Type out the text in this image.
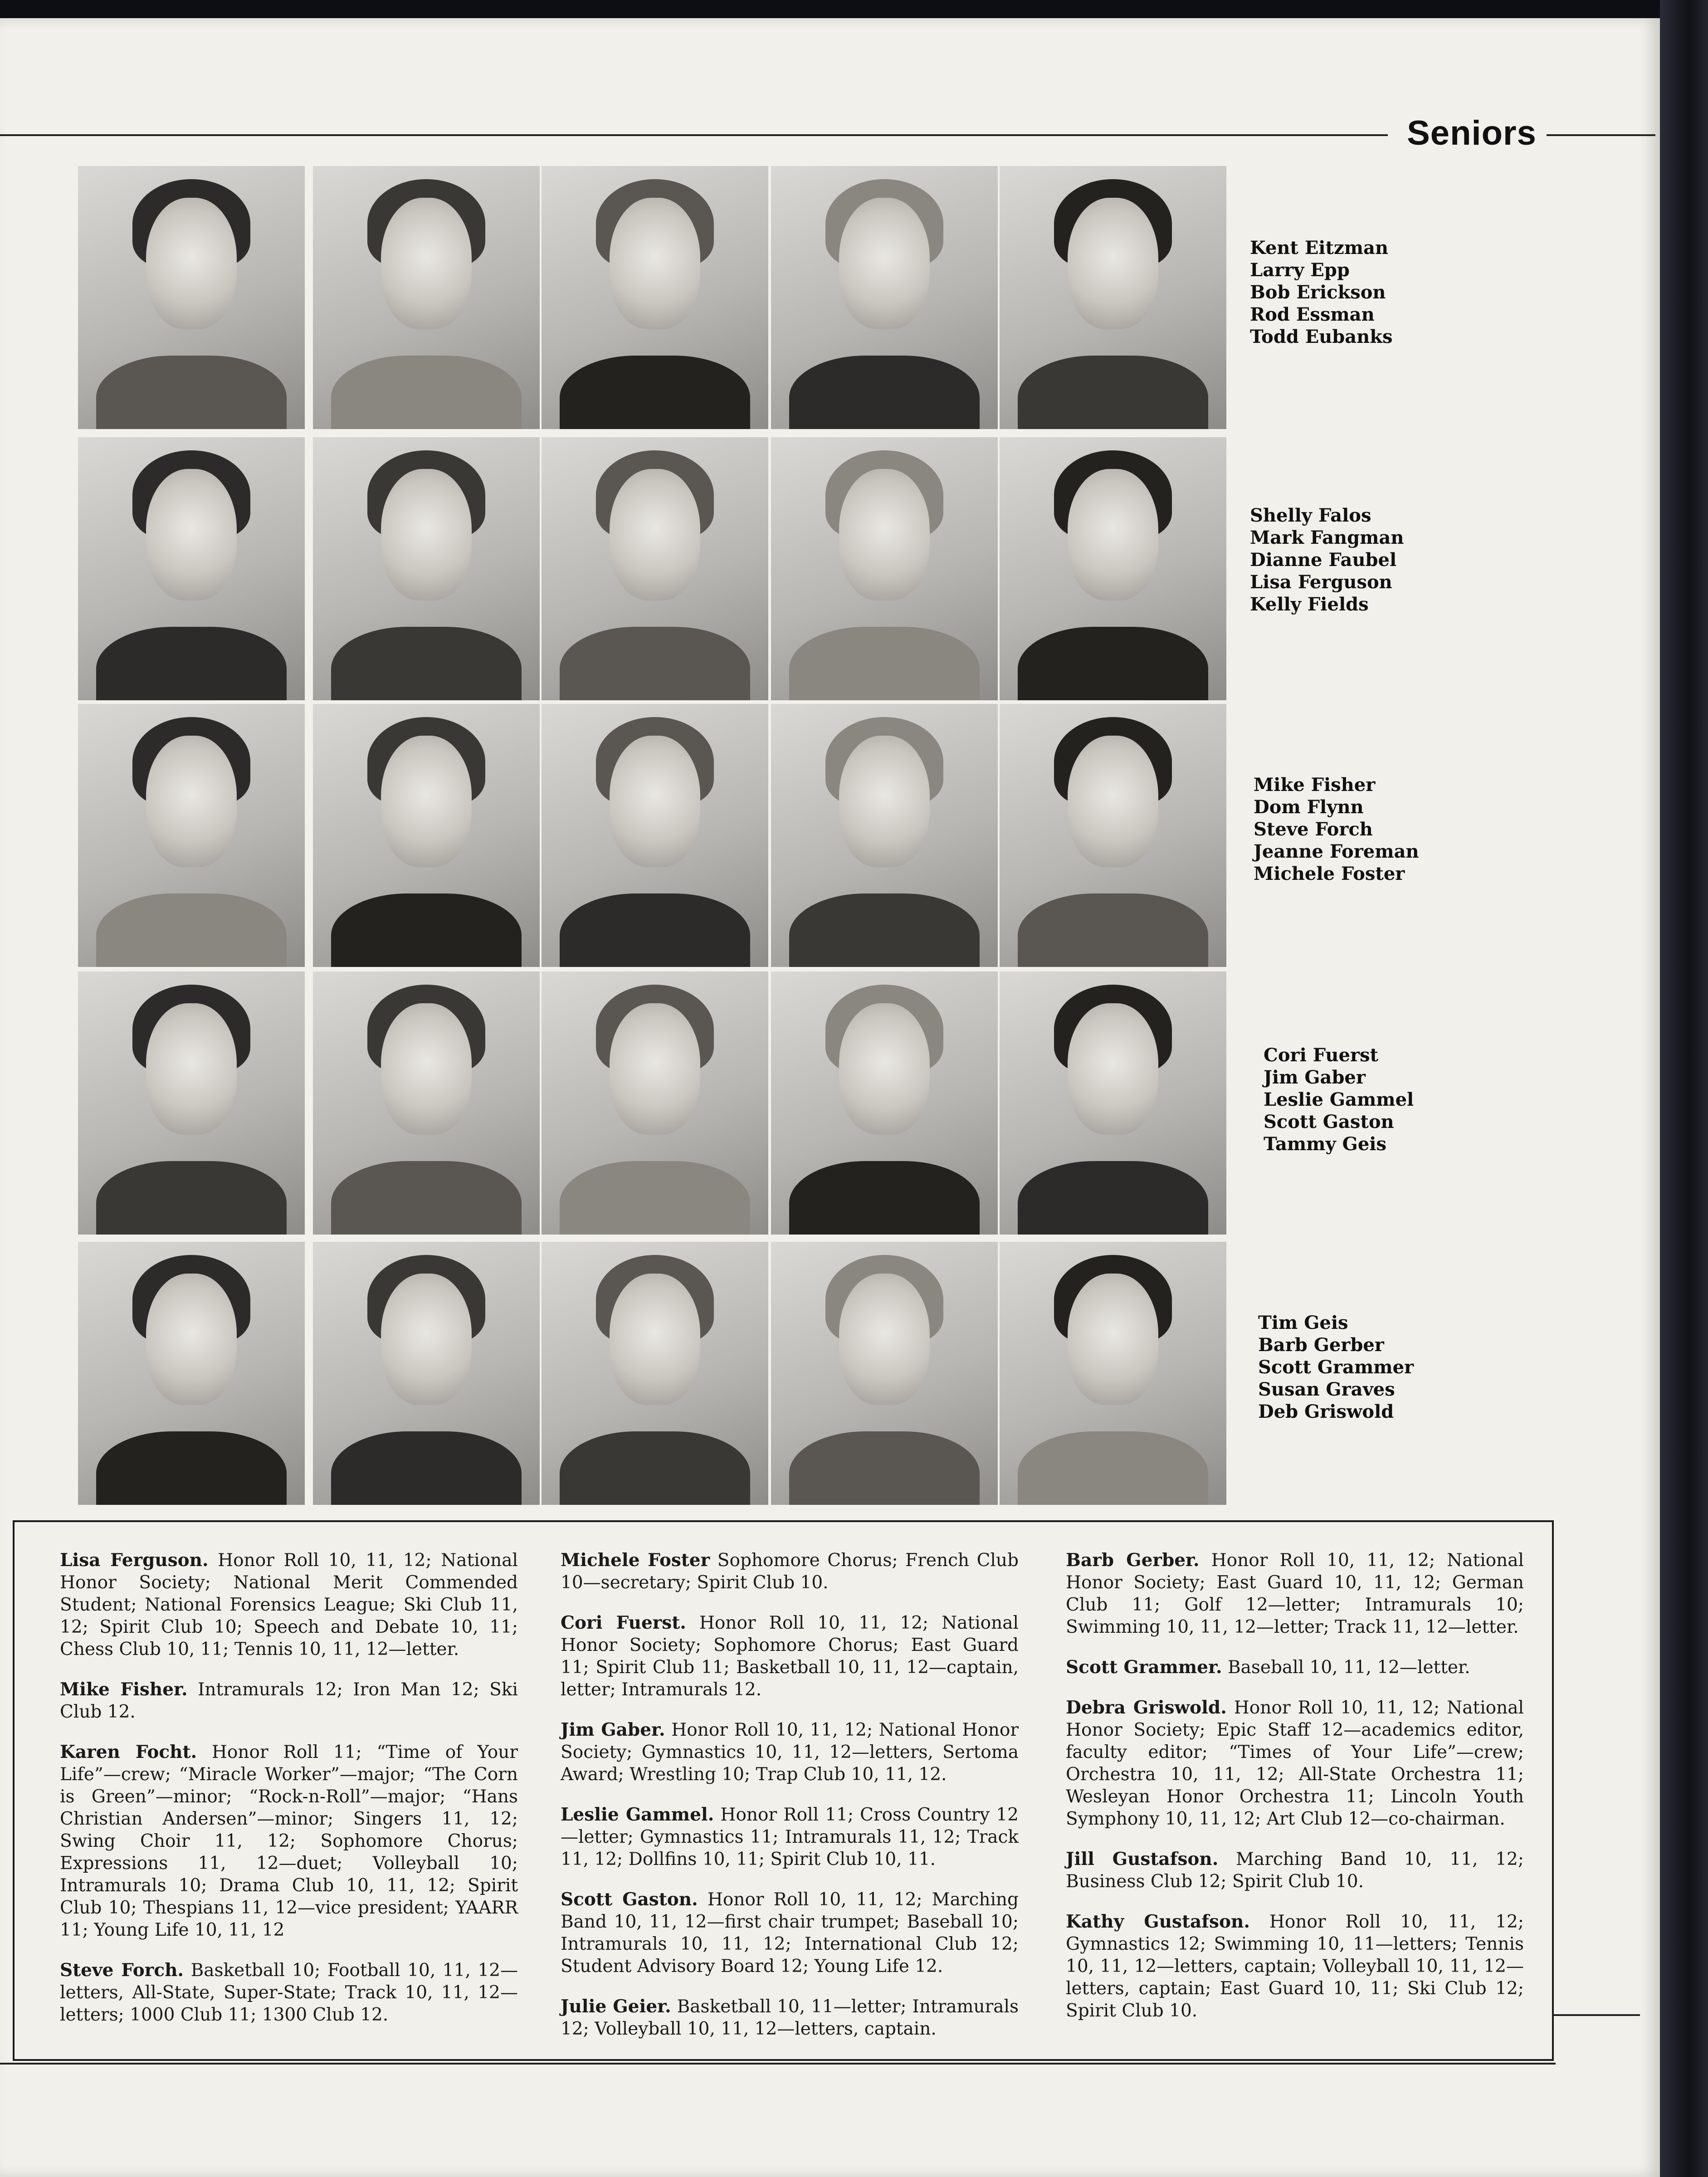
Seniors
Kent Eitzman
Larry Epp
Bob Erickson
Rod Essman
Todd Eubanks
Shelly Falos
Mark Fangman
Dianne Faubel
Lisa Ferguson
Kelly Fields
Mike Fisher
Dom Flynn
Steve Forch
Jeanne Foreman
Michele Foster
Cori Fuerst
Jim Gaber
Leslie Gammel
Scott Gaston
Tammy Geis
Tim Geis
Barb Gerber
Scott Grammer
Susan Graves
Deb Griswold

Lisa Ferguson. Honor Roll 10, 11, 12; National Honor Society; National Merit Commended Student; National Forensics League; Ski Club 11, 12; Spirit Club 10; Speech and Debate 10, 11; Chess Club 10, 11; Tennis 10, 11, 12—letter.

Mike Fisher. Intramurals 12; Iron Man 12; Ski Club 12.

Karen Focht. Honor Roll 11; “Time of Your Life”—crew; “Miracle Worker”—major; “The Corn is Green”—minor; “Rock-n-Roll”—major; “Hans Christian Andersen”—minor; Singers 11, 12; Swing Choir 11, 12; Sophomore Chorus; Expressions 11, 12—duet; Volleyball 10; Intramurals 10; Drama Club 10, 11, 12; Spirit Club 10; Thespians 11, 12—vice president; YAARR 11; Young Life 10, 11, 12

Steve Forch. Basketball 10; Football 10, 11, 12—letters, All-State, Super-State; Track 10, 11, 12—letters; 1000 Club 11; 1300 Club 12.

Michele Foster Sophomore Chorus; French Club 10—secretary; Spirit Club 10.

Cori Fuerst. Honor Roll 10, 11, 12; National Honor Society; Sophomore Chorus; East Guard 11; Spirit Club 11; Basketball 10, 11, 12—captain, letter; Intramurals 12.

Jim Gaber. Honor Roll 10, 11, 12; National Honor Society; Gymnastics 10, 11, 12—letters, Sertoma Award; Wrestling 10; Trap Club 10, 11, 12.

Leslie Gammel. Honor Roll 11; Cross Country 12—letter; Gymnastics 11; Intramurals 11, 12; Track 11, 12; Dollfins 10, 11; Spirit Club 10, 11.

Scott Gaston. Honor Roll 10, 11, 12; Marching Band 10, 11, 12—first chair trumpet; Baseball 10; Intramurals 10, 11, 12; International Club 12; Student Advisory Board 12; Young Life 12.

Julie Geier. Basketball 10, 11—letter; Intramurals 12; Volleyball 10, 11, 12—letters, captain.

Barb Gerber. Honor Roll 10, 11, 12; National Honor Society; East Guard 10, 11, 12; German Club 11; Golf 12—letter; Intramurals 10; Swimming 10, 11, 12—letter; Track 11, 12—letter.

Scott Grammer. Baseball 10, 11, 12—letter.

Debra Griswold. Honor Roll 10, 11, 12; National Honor Society; Epic Staff 12—academics editor, faculty editor; “Times of Your Life”—crew; Orchestra 10, 11, 12; All-State Orchestra 11; Wesleyan Honor Orchestra 11; Lincoln Youth Symphony 10, 11, 12; Art Club 12—co-chairman.

Jill Gustafson. Marching Band 10, 11, 12; Business Club 12; Spirit Club 10.

Kathy Gustafson. Honor Roll 10, 11, 12; Gymnastics 12; Swimming 10, 11—letters; Tennis 10, 11, 12—letters, captain; Volleyball 10, 11, 12—letters, captain; East Guard 10, 11; Ski Club 12; Spirit Club 10.
